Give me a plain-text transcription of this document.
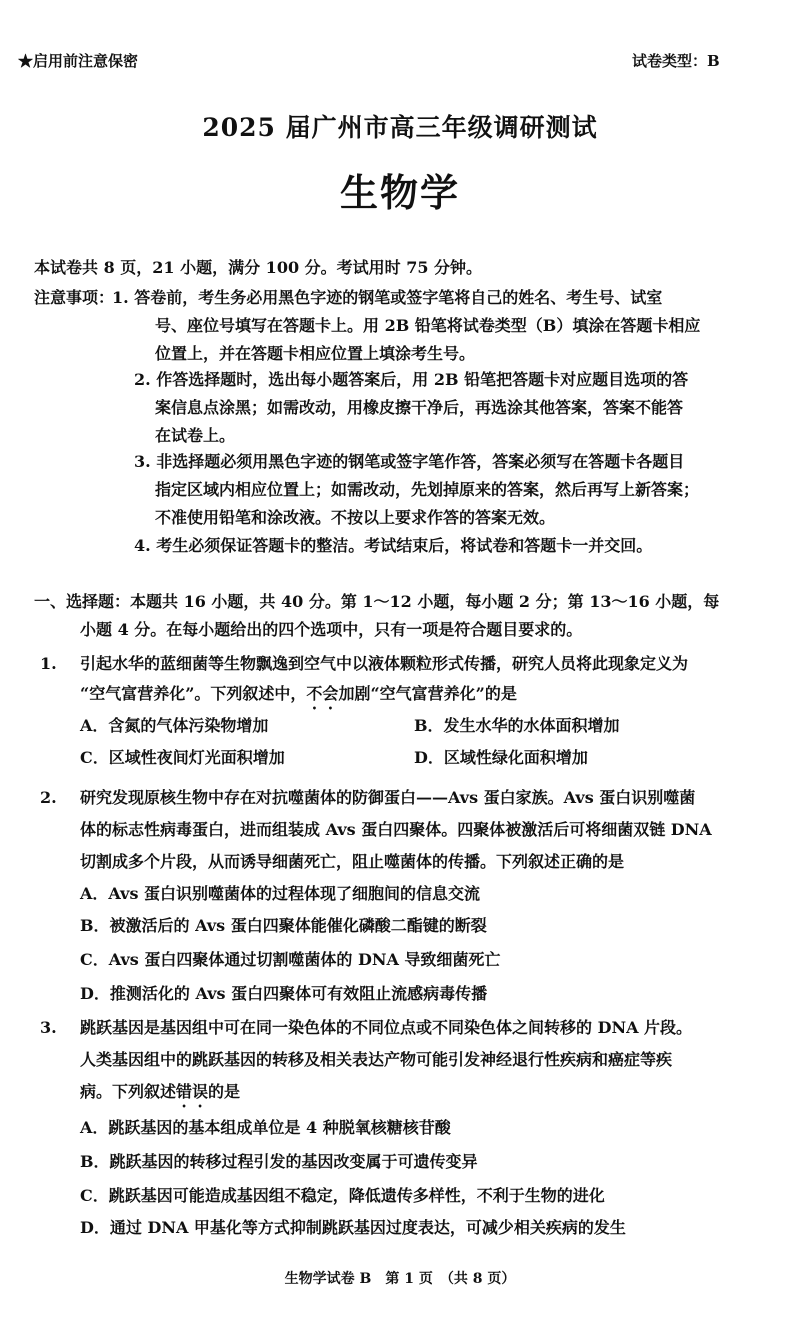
★启用前注意保密	试卷类型：B
2025 届广州市高三年级调研测试
生物学
本试卷共 8 页，21 小题，满分 100 分。考试用时 75 分钟。
注意事项：
1. 答卷前，考生务必用黑色字迹的钢笔或签字笔将自己的姓名、考生号、试室
号、座位号填写在答题卡上。用 2B 铅笔将试卷类型（B）填涂在答题卡相应
位置上，并在答题卡相应位置上填涂考生号。
2. 作答选择题时，选出每小题答案后，用 2B 铅笔把答题卡对应题目选项的答
案信息点涂黑；如需改动，用橡皮擦干净后，再选涂其他答案，答案不能答
在试卷上。
3. 非选择题必须用黑色字迹的钢笔或签字笔作答，答案必须写在答题卡各题目
指定区域内相应位置上；如需改动，先划掉原来的答案，然后再写上新答案；
不准使用铅笔和涂改液。不按以上要求作答的答案无效。
4. 考生必须保证答题卡的整洁。考试结束后，将试卷和答题卡一并交回。
一、选择题：本题共 16 小题，共 40 分。第 1～12 小题，每小题 2 分；第 13～16 小题，每
小题 4 分。在每小题给出的四个选项中，只有一项是符合题目要求的。
1. 引起水华的蓝细菌等生物飘逸到空气中以液体颗粒形式传播，研究人员将此现象定义为
“空气富营养化”。下列叙述中，不会加剧“空气富营养化”的是
A．含氮的气体污染物增加	B．发生水华的水体面积增加
C．区域性夜间灯光面积增加	D．区域性绿化面积增加
2. 研究发现原核生物中存在对抗噬菌体的防御蛋白——Avs 蛋白家族。Avs 蛋白识别噬菌
体的标志性病毒蛋白，进而组装成 Avs 蛋白四聚体。四聚体被激活后可将细菌双链 DNA
切割成多个片段，从而诱导细菌死亡，阻止噬菌体的传播。下列叙述正确的是
A．Avs 蛋白识别噬菌体的过程体现了细胞间的信息交流
B．被激活后的 Avs 蛋白四聚体能催化磷酸二酯键的断裂
C．Avs 蛋白四聚体通过切割噬菌体的 DNA 导致细菌死亡
D．推测活化的 Avs 蛋白四聚体可有效阻止流感病毒传播
3. 跳跃基因是基因组中可在同一染色体的不同位点或不同染色体之间转移的 DNA 片段。
人类基因组中的跳跃基因的转移及相关表达产物可能引发神经退行性疾病和癌症等疾
病。下列叙述错误的是
A．跳跃基因的基本组成单位是 4 种脱氧核糖核苷酸
B．跳跃基因的转移过程引发的基因改变属于可遗传变异
C．跳跃基因可能造成基因组不稳定，降低遗传多样性，不利于生物的进化
D．通过 DNA 甲基化等方式抑制跳跃基因过度表达，可减少相关疾病的发生
生物学试卷 B　第 1 页　（共 8 页）
